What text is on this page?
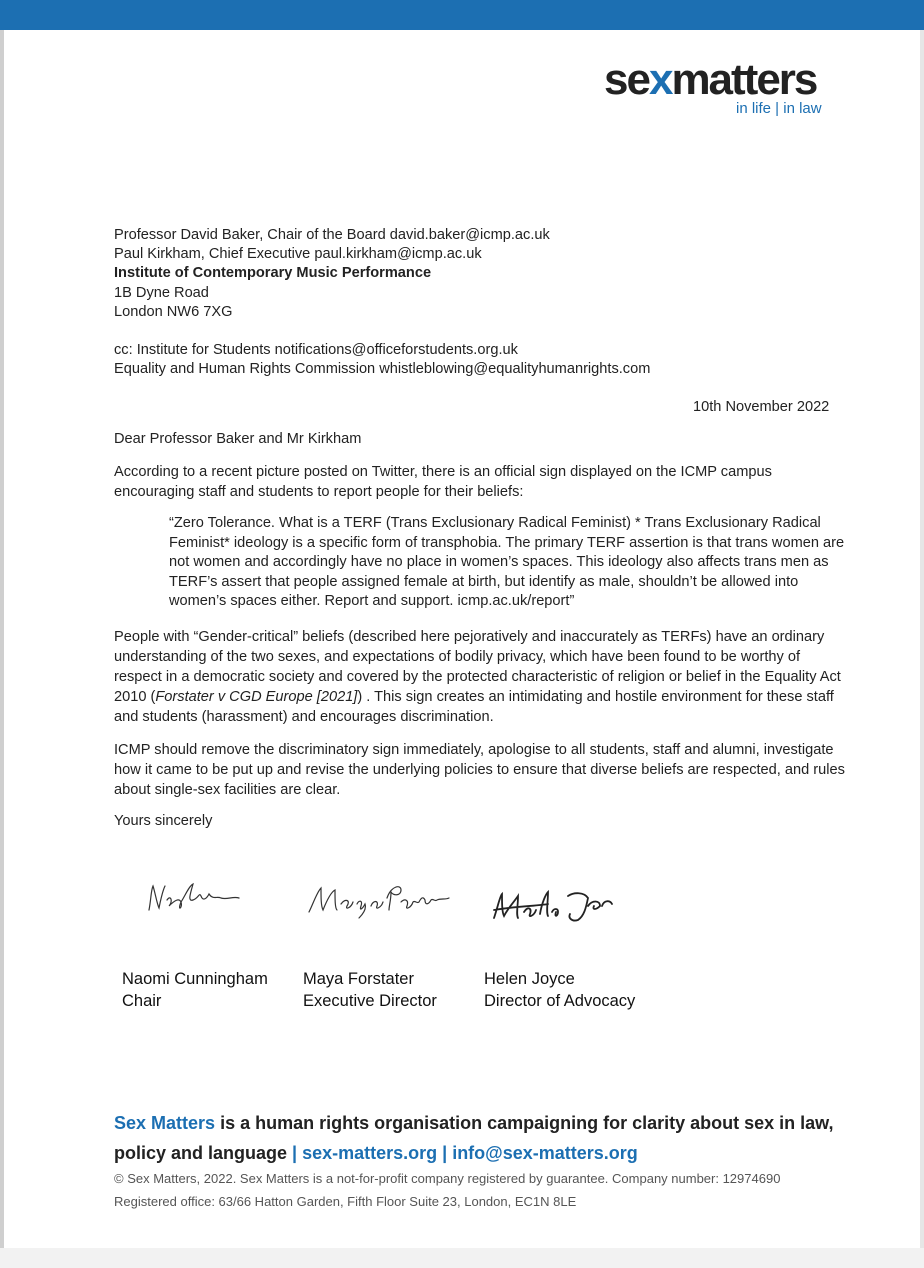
sexmatters
in life | in law
Professor David Baker, Chair of the Board david.baker@icmp.ac.uk
Paul Kirkham, Chief Executive paul.kirkham@icmp.ac.uk
Institute of Contemporary Music Performance
1B Dyne Road
London NW6 7XG
cc: Institute for Students notifications@officeforstudents.org.uk
Equality and Human Rights Commission whistleblowing@equalityhumanrights.com
10th November 2022
Dear Professor Baker and Mr Kirkham
According to a recent picture posted on Twitter, there is an official sign displayed on the ICMP campus encouraging staff and students to report people for their beliefs:
“Zero Tolerance. What is a TERF (Trans Exclusionary Radical Feminist) * Trans Exclusionary Radical Feminist* ideology is a specific form of transphobia. The primary TERF assertion is that trans women are not women and accordingly have no place in women’s spaces. This ideology also affects trans men as TERF’s assert that people assigned female at birth, but identify as male, shouldn’t be allowed into women’s spaces either. Report and support. icmp.ac.uk/report”
People with “Gender-critical” beliefs (described here pejoratively and inaccurately as TERFs) have an ordinary understanding of the two sexes, and expectations of bodily privacy, which have been found to be worthy of respect in a democratic society and covered by the protected characteristic of religion or belief in the Equality Act 2010 (Forstater v CGD Europe [2021]) . This sign creates an intimidating and hostile environment for these staff and students (harassment) and encourages discrimination.
ICMP should remove the discriminatory sign immediately, apologise to all students, staff and alumni, investigate how it came to be put up and revise the underlying policies to ensure that diverse beliefs are respected, and rules about single-sex facilities are clear.
Yours sincerely
Naomi Cunningham
Chair
Maya Forstater
Executive Director
Helen Joyce
Director of Advocacy
Sex Matters is a human rights organisation campaigning for clarity about sex in law,
policy and language | sex-matters.org | info@sex-matters.org
© Sex Matters, 2022. Sex Matters is a not-for-profit company registered by guarantee. Company number: 12974690
Registered office: 63/66 Hatton Garden, Fifth Floor Suite 23, London, EC1N 8LE
